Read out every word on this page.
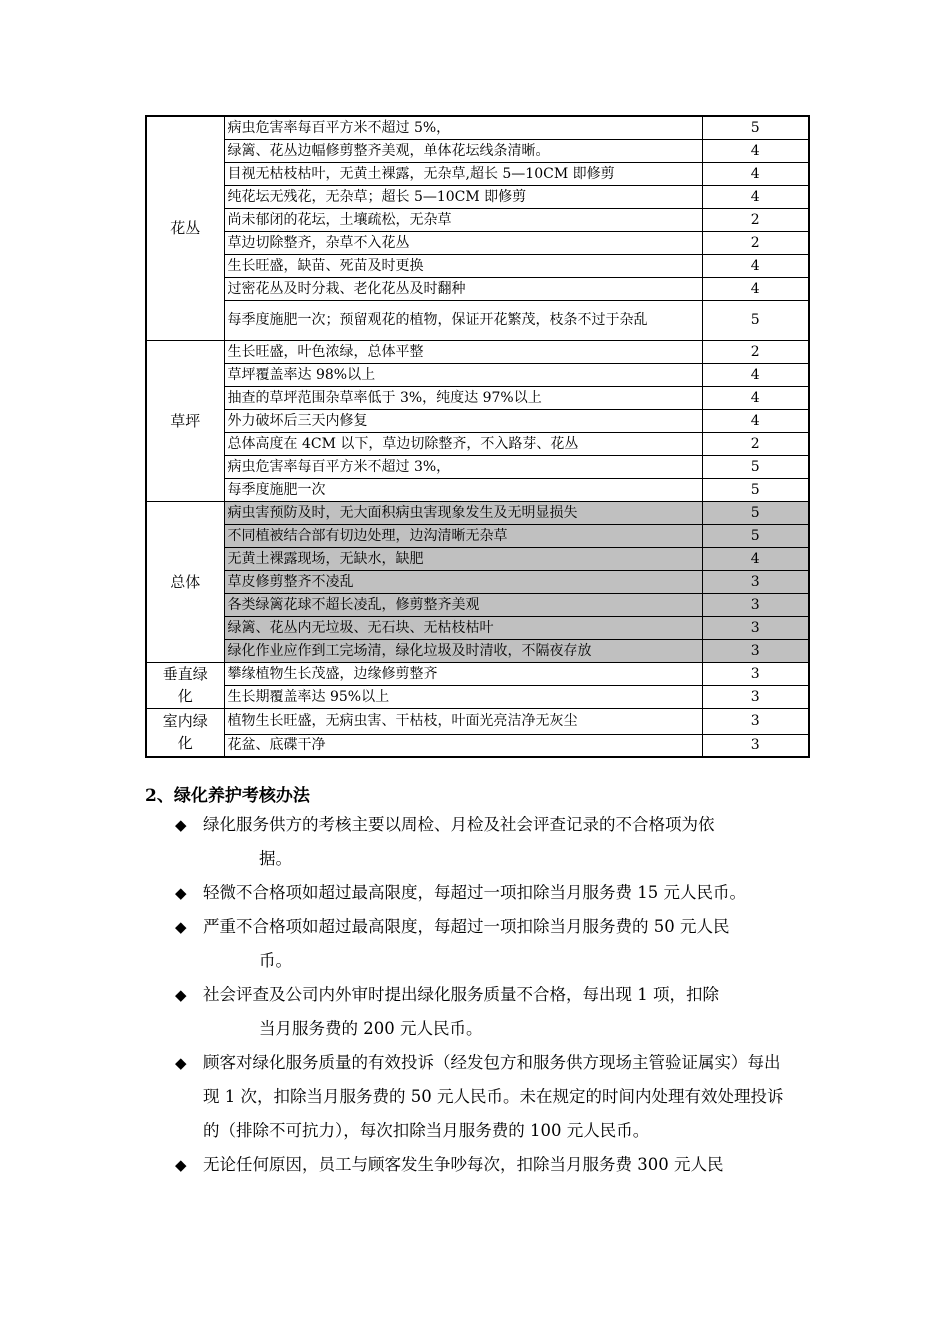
花丛	病虫危害率每百平方米不超过 5%，	5
	绿篱、花丛边幅修剪整齐美观，单体花坛线条清晰。	4
	目视无枯枝枯叶，无黄土裸露，无杂草,超长 5—10CM 即修剪	4
	纯花坛无残花，无杂草；超长 5—10CM 即修剪	4
	尚未郁闭的花坛，土壤疏松，无杂草	2
	草边切除整齐，杂草不入花丛	2
	生长旺盛，缺苗、死苗及时更换	4
	过密花丛及时分栽、老化花丛及时翻种	4
	每季度施肥一次；预留观花的植物，保证开花繁茂，枝条不过于杂乱	5
草坪	生长旺盛，叶色浓绿，总体平整	2
	草坪覆盖率达 98%以上	4
	抽查的草坪范围杂草率低于 3%，纯度达 97%以上	4
	外力破坏后三天内修复	4
	总体高度在 4CM 以下，草边切除整齐，不入路芽、花丛	2
	病虫危害率每百平方米不超过 3%，	5
	每季度施肥一次	5
总体	病虫害预防及时，无大面积病虫害现象发生及无明显损失	5
	不同植被结合部有切边处理，边沟清晰无杂草	5
	无黄土裸露现场，无缺水，缺肥	4
	草皮修剪整齐不凌乱	3
	各类绿篱花球不超长凌乱，修剪整齐美观	3
	绿篱、花丛内无垃圾、无石块、无枯枝枯叶	3
	绿化作业应作到工完场清，绿化垃圾及时清收，不隔夜存放	3
垂直绿化	攀缘植物生长茂盛，边缘修剪整齐	3
	生长期覆盖率达 95%以上	3
室内绿化	植物生长旺盛，无病虫害、干枯枝，叶面光亮洁净无灰尘	3
	花盆、底碟干净	3

2、绿化养护考核办法

◆ 绿化服务供方的考核主要以周检、月检及社会评查记录的不合格项为依
据。
◆ 轻微不合格项如超过最高限度，每超过一项扣除当月服务费 15 元人民币。
◆ 严重不合格项如超过最高限度，每超过一项扣除当月服务费的 50 元人民
币。
◆ 社会评查及公司内外审时提出绿化服务质量不合格，每出现 1 项，扣除
当月服务费的 200 元人民币。
◆ 顾客对绿化服务质量的有效投诉（经发包方和服务供方现场主管验证属实）每出现 1 次，扣除当月服务费的 50 元人民币。未在规定的时间内处理有效处理投诉的（排除不可抗力），每次扣除当月服务费的 100 元人民币。
◆ 无论任何原因，员工与顾客发生争吵每次，扣除当月服务费 300 元人民
